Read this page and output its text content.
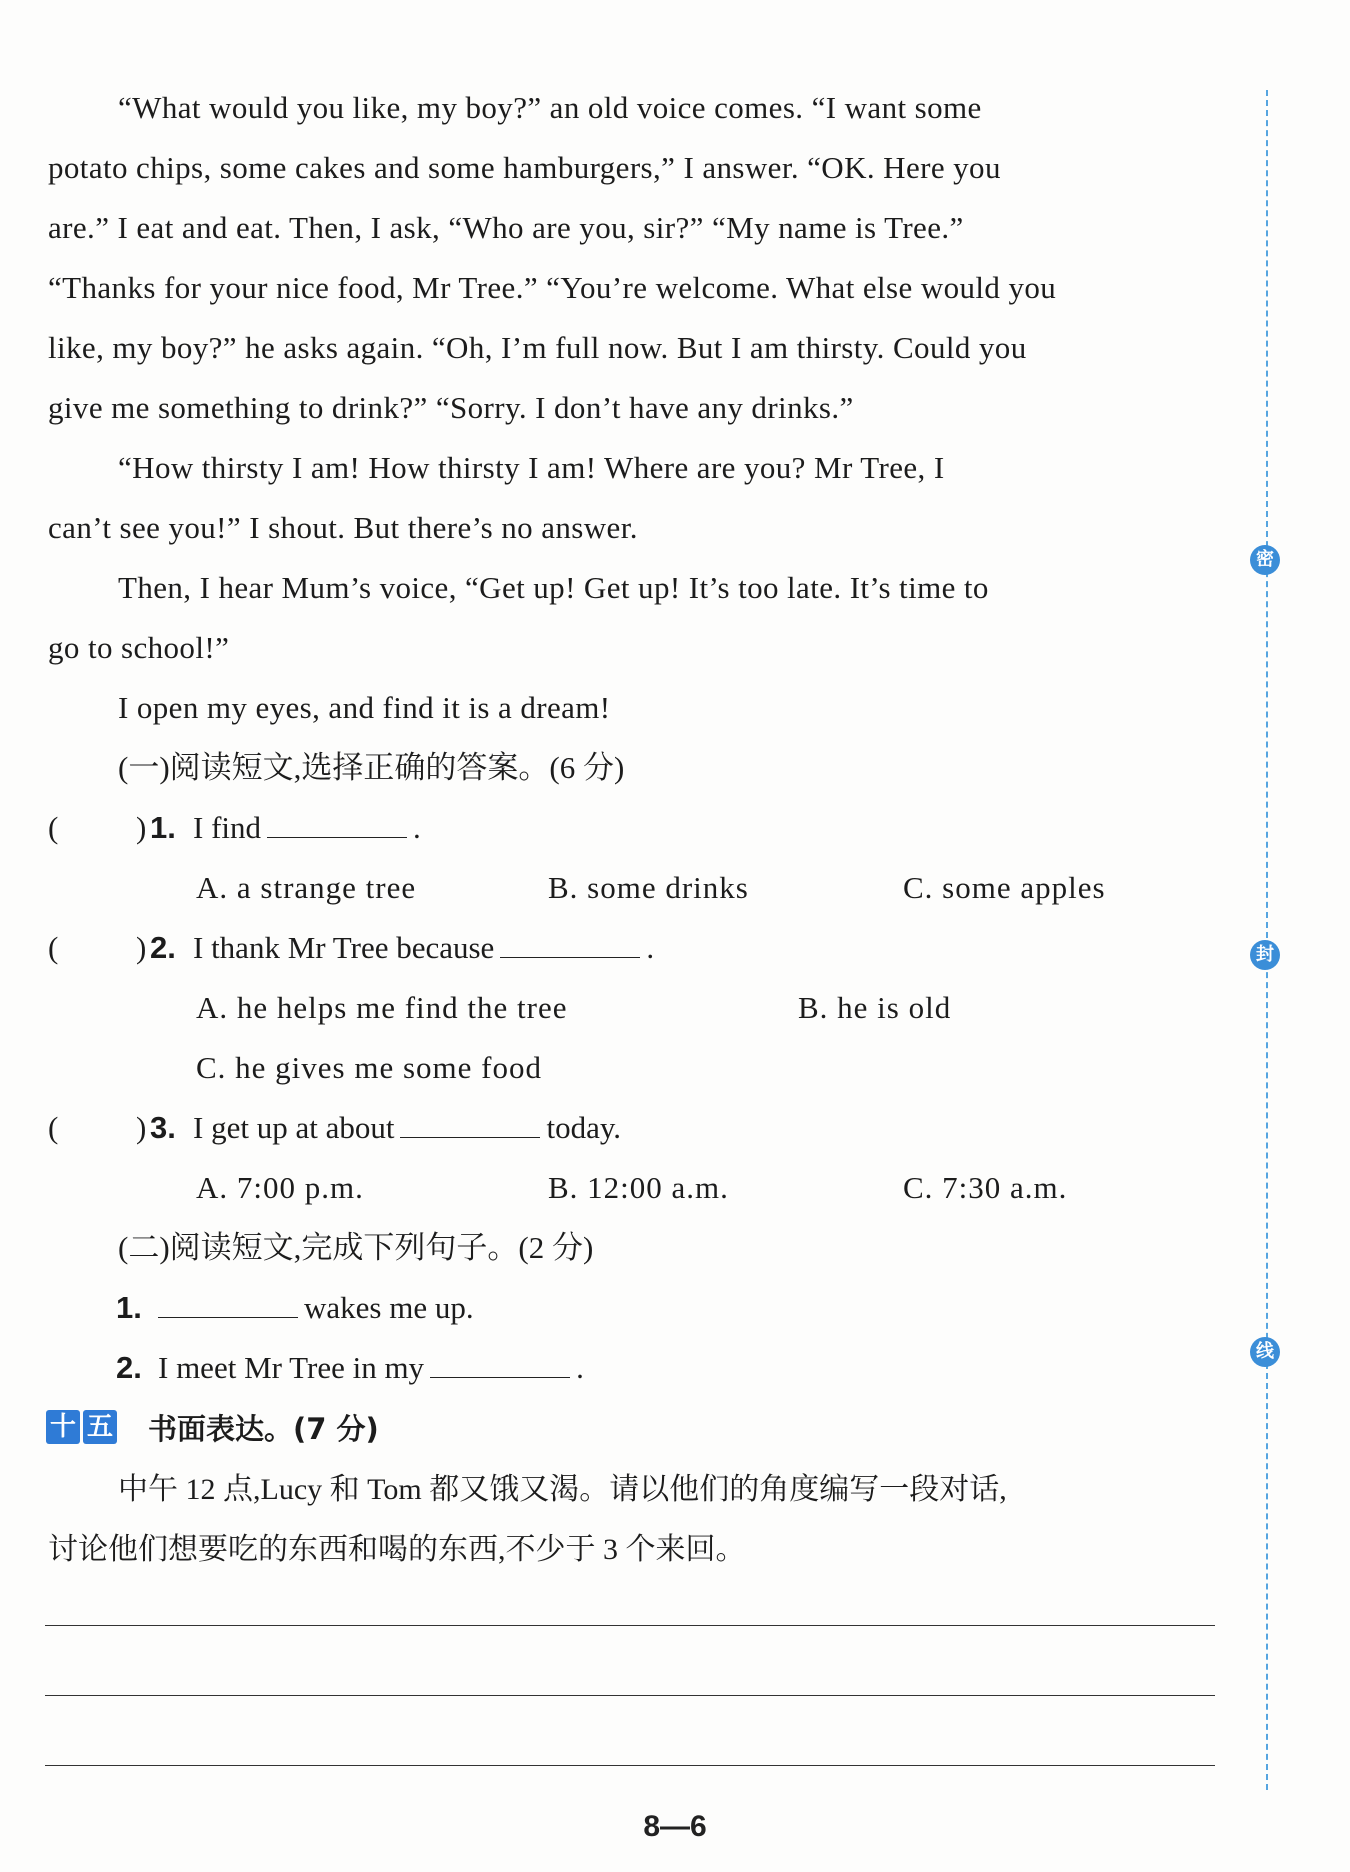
“What would you like, my boy?” an old voice comes. “I want some
potato chips, some cakes and some hamburgers,” I answer. “OK. Here you
are.” I eat and eat. Then, I ask, “Who are you, sir?” “My name is Tree.”
“Thanks for your nice food, Mr Tree.” “You’re welcome. What else would you
like, my boy?” he asks again. “Oh, I’m full now. But I am thirsty. Could you
give me something to drink?” “Sorry. I don’t have any drinks.”
“How thirsty I am! How thirsty I am! Where are you? Mr Tree, I
can’t see you!” I shout. But there’s no answer.
Then, I hear Mum’s voice, “Get up! Get up! It’s too late. It’s time to
go to school!”
I open my eyes, and find it is a dream!
(一)阅读短文,选择正确的答案。(6 分)
(	) 1. I find	.
A. a strange tree	B. some drinks	C. some apples
(	) 2. I thank Mr Tree because	.
A. he helps me find the tree	B. he is old
C. he gives me some food
(	) 3. I get up at about	today.
A. 7:00 p.m.	B. 12:00 a.m.	C. 7:30 a.m.
(二)阅读短文,完成下列句子。(2 分)
1.	wakes me up.
2. I meet Mr Tree in my	.
十 五 书面表达。(7 分)

中午 12 点,Lucy 和 Tom 都又饿又渴。请以他们的角度编写一段对话,

讨论他们想要吃的东西和喝的东西,不少于 3 个来回。

密
封
线
8—6
